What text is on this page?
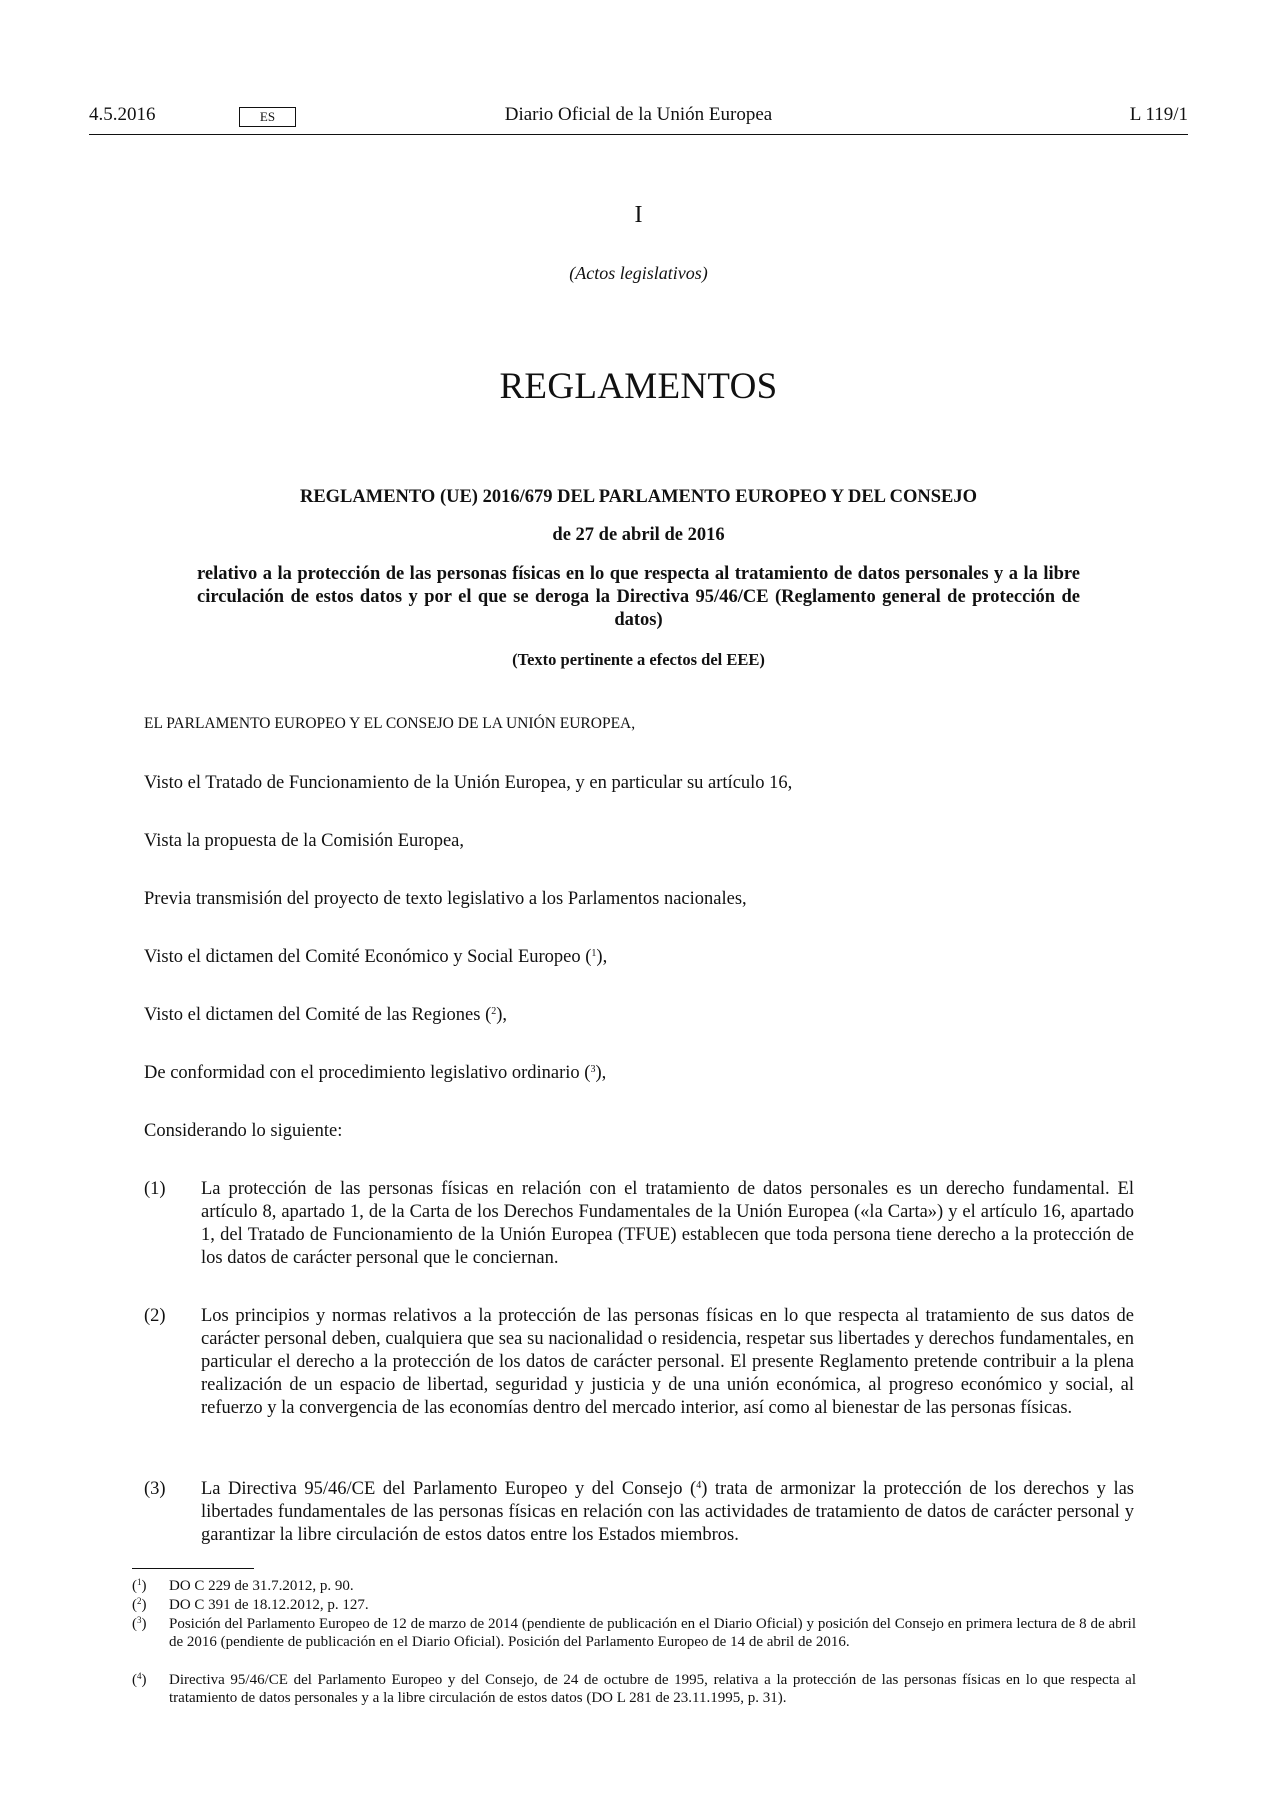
4.5.2016	ES	Diario Oficial de la Unión Europea	L 119/1
I
(Actos legislativos)
REGLAMENTOS
REGLAMENTO (UE) 2016/679 DEL PARLAMENTO EUROPEO Y DEL CONSEJO
de 27 de abril de 2016
relativo a la protección de las personas físicas en lo que respecta al tratamiento de datos personales y a la libre circulación de estos datos y por el que se deroga la Directiva 95/46/CE (Reglamento general de protección de datos)
(Texto pertinente a efectos del EEE)
EL PARLAMENTO EUROPEO Y EL CONSEJO DE LA UNIÓN EUROPEA,
Visto el Tratado de Funcionamiento de la Unión Europea, y en particular su artículo 16,
Vista la propuesta de la Comisión Europea,
Previa transmisión del proyecto de texto legislativo a los Parlamentos nacionales,
Visto el dictamen del Comité Económico y Social Europeo ($^1$),
Visto el dictamen del Comité de las Regiones ($^2$),
De conformidad con el procedimiento legislativo ordinario ($^3$),
Considerando lo siguiente:
(1) La protección de las personas físicas en relación con el tratamiento de datos personales es un derecho fundamental. El artículo 8, apartado 1, de la Carta de los Derechos Fundamentales de la Unión Europea («la Carta») y el artículo 16, apartado 1, del Tratado de Funcionamiento de la Unión Europea (TFUE) establecen que toda persona tiene derecho a la protección de los datos de carácter personal que le conciernan.
(2) Los principios y normas relativos a la protección de las personas físicas en lo que respecta al tratamiento de sus datos de carácter personal deben, cualquiera que sea su nacionalidad o residencia, respetar sus libertades y derechos fundamentales, en particular el derecho a la protección de los datos de carácter personal. El presente Reglamento pretende contribuir a la plena realización de un espacio de libertad, seguridad y justicia y de una unión económica, al progreso económico y social, al refuerzo y la convergencia de las economías dentro del mercado interior, así como al bienestar de las personas físicas.
(3) La Directiva 95/46/CE del Parlamento Europeo y del Consejo ($^4$) trata de armonizar la protección de los derechos y las libertades fundamentales de las personas físicas en relación con las actividades de tratamiento de datos de carácter personal y garantizar la libre circulación de estos datos entre los Estados miembros.
($^1$) DO C 229 de 31.7.2012, p. 90.
($^2$) DO C 391 de 18.12.2012, p. 127.
($^3$) Posición del Parlamento Europeo de 12 de marzo de 2014 (pendiente de publicación en el Diario Oficial) y posición del Consejo en primera lectura de 8 de abril de 2016 (pendiente de publicación en el Diario Oficial). Posición del Parlamento Europeo de 14 de abril de 2016.
($^4$) Directiva 95/46/CE del Parlamento Europeo y del Consejo, de 24 de octubre de 1995, relativa a la protección de las personas físicas en lo que respecta al tratamiento de datos personales y a la libre circulación de estos datos (DO L 281 de 23.11.1995, p. 31).
